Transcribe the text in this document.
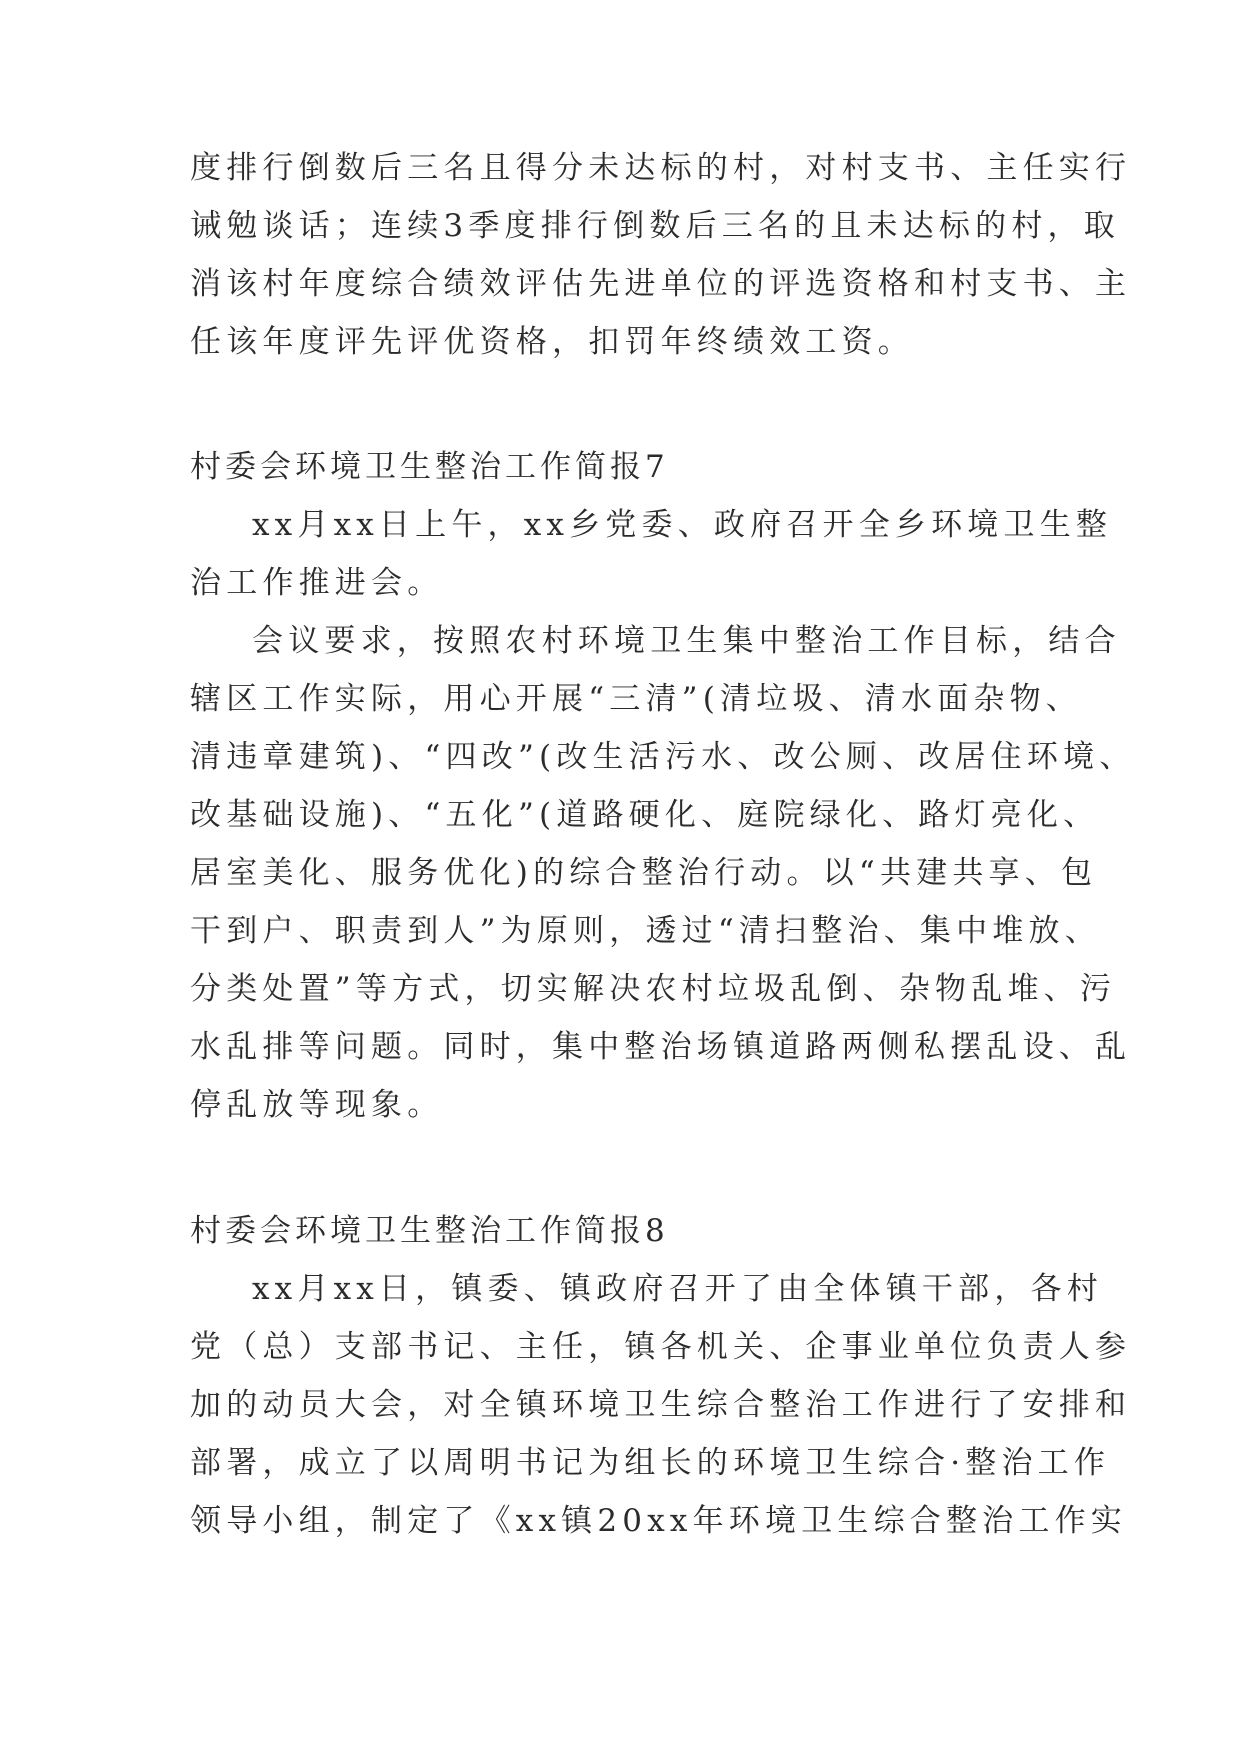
度排行倒数后三名且得分未达标的村，对村支书、主任实行
诫勉谈话；连续3季度排行倒数后三名的且未达标的村，取
消该村年度综合绩效评估先进单位的评选资格和村支书、主
任该年度评先评优资格，扣罚年终绩效工资。
村委会环境卫生整治工作简报7
xx月xx日上午，xx乡党委、政府召开全乡环境卫生整
治工作推进会。
会议要求，按照农村环境卫生集中整治工作目标，结合
辖区工作实际，用心开展“三清”(清垃圾、清水面杂物、
清违章建筑)、“四改”(改生活污水、改公厕、改居住环境、
改基础设施)、“五化”(道路硬化、庭院绿化、路灯亮化、
居室美化、服务优化)的综合整治行动。以“共建共享、包
干到户、职责到人”为原则，透过“清扫整治、集中堆放、
分类处置”等方式，切实解决农村垃圾乱倒、杂物乱堆、污
水乱排等问题。同时，集中整治场镇道路两侧私摆乱设、乱
停乱放等现象。
村委会环境卫生整治工作简报8
xx月xx日，镇委、镇政府召开了由全体镇干部，各村
党（总）支部书记、主任，镇各机关、企事业单位负责人参
加的动员大会，对全镇环境卫生综合整治工作进行了安排和
部署，成立了以周明书记为组长的环境卫生综合·整治工作
领导小组，制定了《xx镇20xx年环境卫生综合整治工作实
